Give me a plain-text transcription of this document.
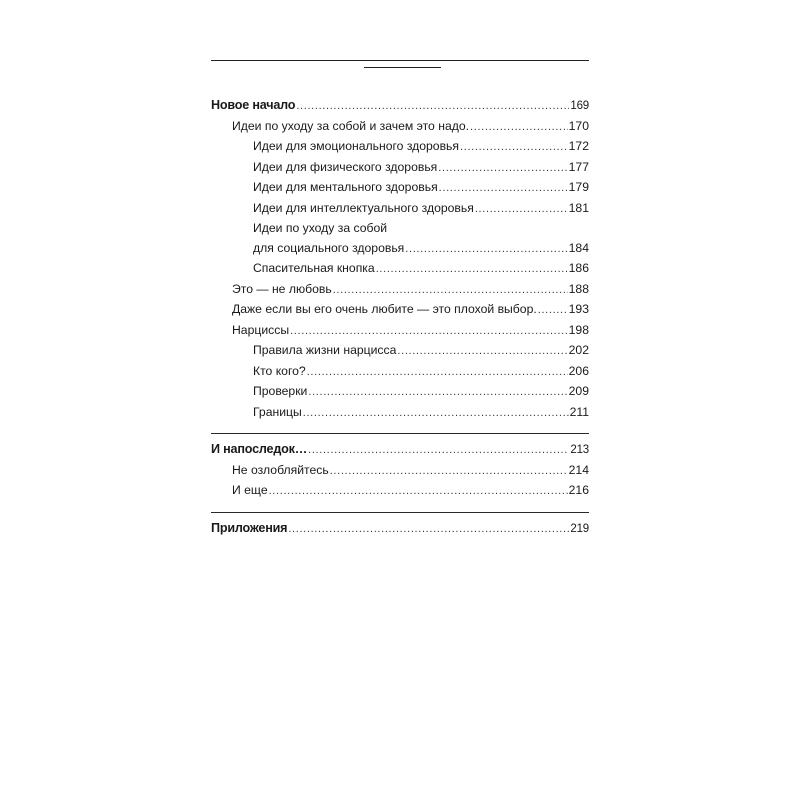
Новое начало . . .	169
Идеи по уходу за собой и зачем это надо. . . .	170
Идеи для эмоционального здоровья . . .	172
Идеи для физического здоровья . . .	177
Идеи для ментального здоровья . . .	179
Идеи для интеллектуального здоровья . . .	181
Идеи по уходу за собой
для социального здоровья . . .	184
Спасительная кнопка . . .	186
Это — не любовь . . .	188
Даже если вы его очень любите — это плохой выбор. . . .	193
Нарциссы . . .	198
Правила жизни нарцисса . . .	202
Кто кого? . . .	206
Проверки . . .	209
Границы . . .	211
И напоследок… . . .	213
Не озлобляйтесь . . .	214
И еще . . .	216
Приложения . . .	219
